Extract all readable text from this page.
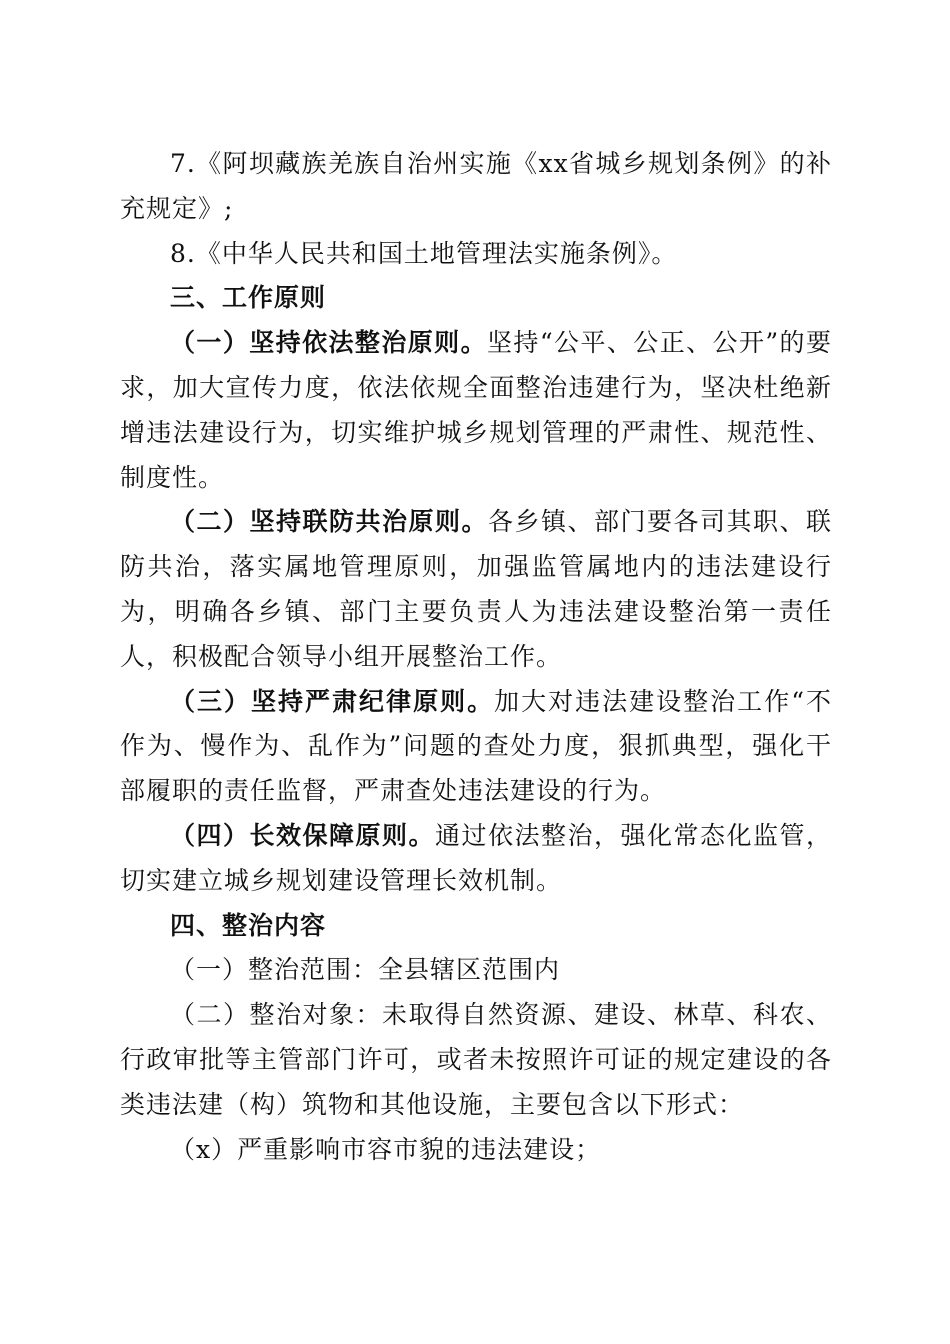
7.《阿坝藏族羌族自治州实施《xx省城乡规划条例》的补充规定》;

8.《中华人民共和国土地管理法实施条例》。

三、工作原则

（一）坚持依法整治原则。坚持“公平、公正、公开”的要求，加大宣传力度，依法依规全面整治违建行为，坚决杜绝新增违法建设行为，切实维护城乡规划管理的严肃性、规范性、制度性。

（二）坚持联防共治原则。各乡镇、部门要各司其职、联防共治，落实属地管理原则，加强监管属地内的违法建设行为，明确各乡镇、部门主要负责人为违法建设整治第一责任人，积极配合领导小组开展整治工作。

（三）坚持严肃纪律原则。加大对违法建设整治工作“不作为、慢作为、乱作为”问题的查处力度，狠抓典型，强化干部履职的责任监督，严肃查处违法建设的行为。

（四）长效保障原则。通过依法整治，强化常态化监管，切实建立城乡规划建设管理长效机制。

四、整治内容

（一）整治范围：全县辖区范围内

（二）整治对象：未取得自然资源、建设、林草、科农、行政审批等主管部门许可，或者未按照许可证的规定建设的各类违法建（构）筑物和其他设施，主要包含以下形式：

（x）严重影响市容市貌的违法建设；
